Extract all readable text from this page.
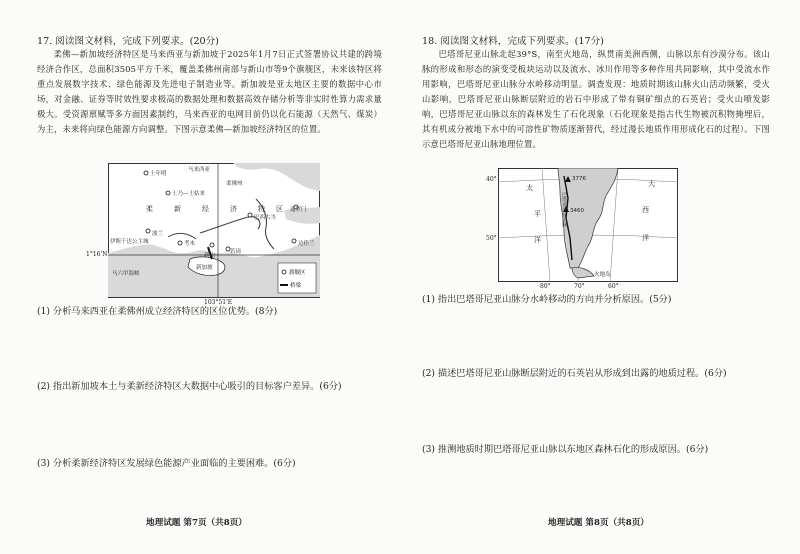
17. 阅读图文材料，完成下列要求。(20分)
柔佛—新加坡经济特区是马来西亚与新加坡于2025年1月7日正式签署协议共建的跨境经济合作区，总面积3505平方千米，覆盖柔佛州南部与新山市等9个旗舰区，未来该特区将重点发展数字技术、绿色能源及先进电子制造业等。新加坡是亚太地区主要的数据中心市场，对金融、证券等时效性要求极高的数据处理和数据高效存储分析等非实时性算力需求量极大。受资源禀赋等多方面因素制约，马来西亚的电网目前仍以化石能源（天然气、煤炭）为主，未来将向绿色能源方向调整。下图示意柔佛—新加坡经济特区的位置。
士年明
马来西亚
柔佛州
士乃—士姑来
巴西古当
遥罗门
边佳兰
伊斯干达公主城	考木
新山
若岗
波兰
新加坡
马六甲海峡
柔	新	经	济	特 区
旗舰区
桥梁
1°16'N
103°51'E
(1) 分析马来西亚在柔佛州成立经济特区的区位优势。(8分)
(2) 指出新加坡本土与柔新经济特区大数据中心吸引的目标客户差异。(6分)
(3) 分析柔新经济特区发展绿色能源产业面临的主要困难。(6分)
地理试题 第7页（共8页）
18. 阅读图文材料，完成下列要求。(17分)
巴塔哥尼亚山脉北起39°S，南至火地岛，纵贯南美洲西侧，山脉以东有沙漠分布。该山脉的形成和形态的演变受板块运动以及流水、冰川作用等多种作用共同影响，其中受流水作用影响，巴塔哥尼亚山脉分水岭移动明显。调查发现：地质时期该山脉火山活动频繁，受火山影响，巴塔哥尼亚山脉断层附近的岩石中形成了带有铜矿细点的石英岩；受火山喷发影响，巴塔哥尼亚山脉以东的森林发生了石化现象（石化现象是指古代生物被沉积物掩埋后，其有机成分被地下水中的可溶性矿物质逐渐替代，经过漫长地质作用形成化石的过程）。下图示意巴塔哥尼亚山脉地理位置。
3776
3460
火地岛
巴塔哥尼亚山脉
太
平
洋
大
西
洋
40°
50°
80°	70°	60°
(1) 指出巴塔哥尼亚山脉分水岭移动的方向并分析原因。(5分)
(2) 描述巴塔哥尼亚山脉断层附近的石英岩从形成到出露的地质过程。(6分)
(3) 推测地质时期巴塔哥尼亚山脉以东地区森林石化的形成原因。(6分)
地理试题 第8页（共8页）
